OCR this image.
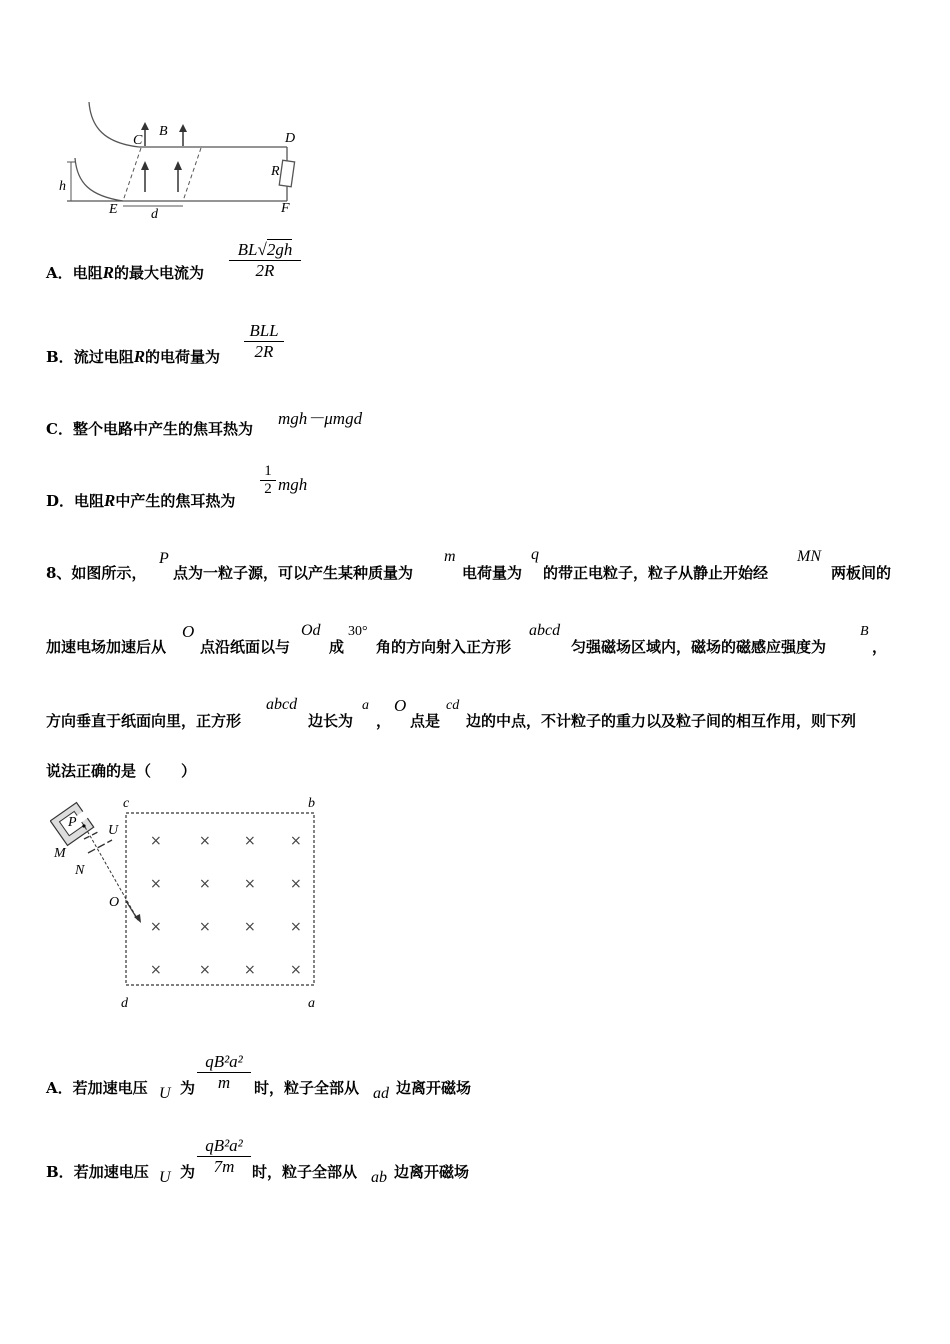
C
B	D
R
h
E d	F
A．电阻R的最大电流为
BL√2gh
2R
B．流过电阻R的电荷量为
BLL
2R
C．整个电路中产生的焦耳热为
mgh－μmgd
D．电阻R中产生的焦耳热为
1
2 mgh
8、如图所示，
P
点为一粒子源，可以产生某种质量为
m
电荷量为
q
的带正电粒子，粒子从静止开始经
MN
两板间的
加速电场加速后从
O
点沿纸面以与
Od
成
30°
角的方向射入正方形
abcd
匀强磁场区域内，磁场的磁感应强度为
B
，
方向垂直于纸面向里，正方形
abcd
边长为
a
，
O
点是
cd
边的中点，不计粒子的重力以及粒子间的相互作用，则下列
说法正确的是（　　）
c	b
P
U
M
N
O
d	a
×	× × ×
×	× × ×
×	× × ×
×	× × ×
A．若加速电压 U 为
qB²a²
m	时，粒子全部从 ad 边离开磁场
B．若加速电压 U 为
qB²a²
7m	时，粒子全部从 ab 边离开磁场
